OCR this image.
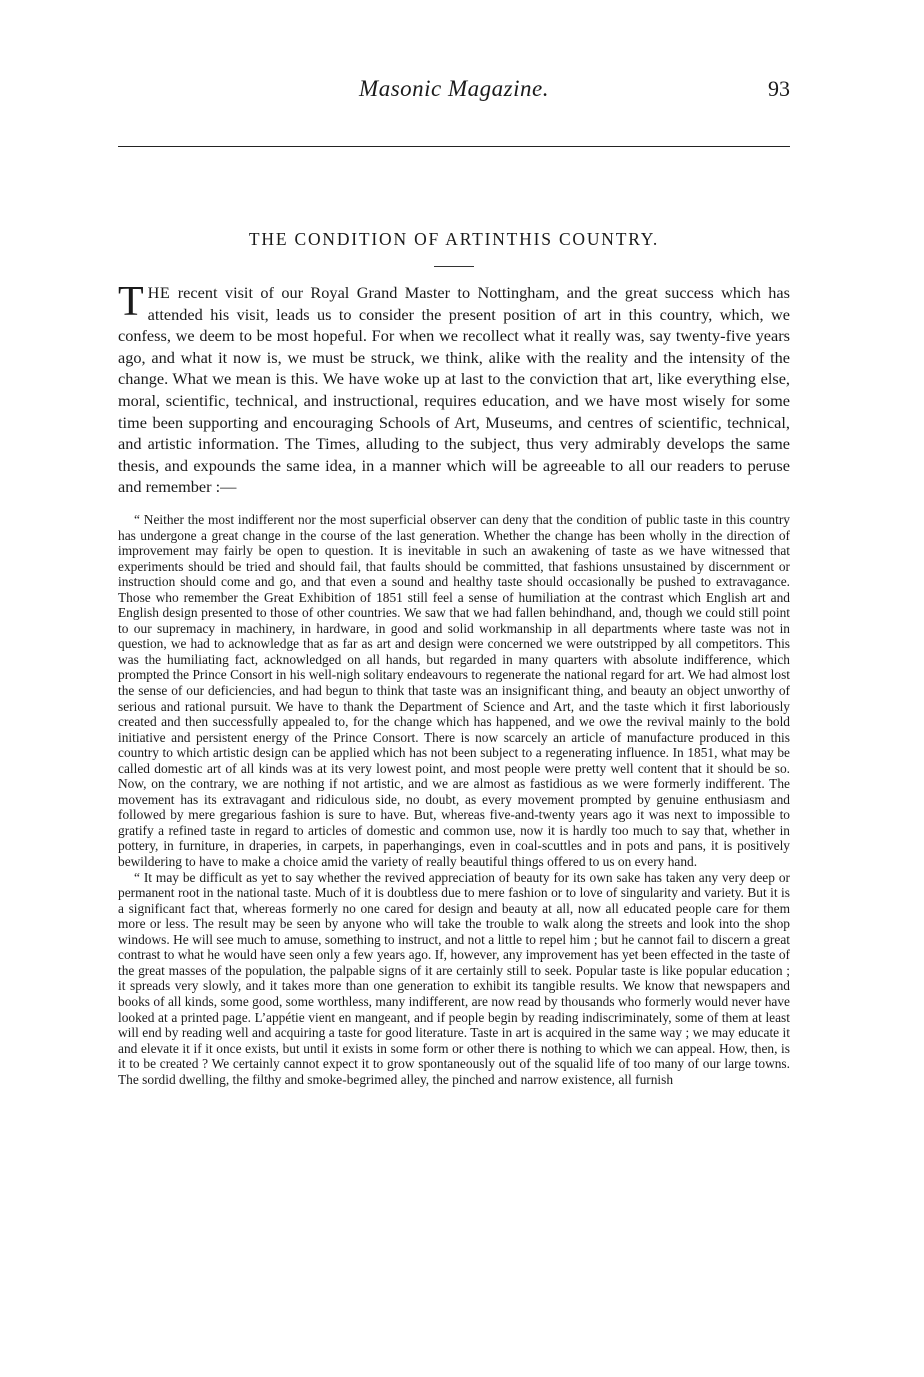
Masonic Magazine.	93
THE CONDITION OF ARTINTHIS COUNTRY.
THE recent visit of our Royal Grand Master to Nottingham, and the great success which has attended his visit, leads us to consider the present position of art in this country, which, we confess, we deem to be most hopeful. For when we recollect what it really was, say twenty-five years ago, and what it now is, we must be struck, we think, alike with the reality and the intensity of the change. What we mean is this. We have woke up at last to the conviction that art, like everything else, moral, scientific, technical, and instructional, requires education, and we have most wisely for some time been supporting and encouraging Schools of Art, Museums, and centres of scientific, technical, and artistic information. The Times, alluding to the subject, thus very admirably develops the same thesis, and expounds the same idea, in a manner which will be agreeable to all our readers to peruse and remember :—

“ Neither the most indifferent nor the most superficial observer can deny that the condition of public taste in this country has undergone a great change in the course of the last generation. Whether the change has been wholly in the direction of improvement may fairly be open to question. It is inevitable in such an awakening of taste as we have witnessed that experiments should be tried and should fail, that faults should be committed, that fashions unsustained by discernment or instruction should come and go, and that even a sound and healthy taste should occasionally be pushed to extravagance. Those who remember the Great Exhibition of 1851 still feel a sense of humiliation at the contrast which English art and English design presented to those of other countries. We saw that we had fallen behindhand, and, though we could still point to our supremacy in machinery, in hardware, in good and solid workmanship in all departments where taste was not in question, we had to acknowledge that as far as art and design were concerned we were outstripped by all competitors. This was the humiliating fact, acknowledged on all hands, but regarded in many quarters with absolute indifference, which prompted the Prince Consort in his well-nigh solitary endeavours to regenerate the national regard for art. We had almost lost the sense of our deficiencies, and had begun to think that taste was an insignificant thing, and beauty an object unworthy of serious and rational pursuit. We have to thank the Department of Science and Art, and the taste which it first laboriously created and then successfully appealed to, for the change which has happened, and we owe the revival mainly to the bold initiative and persistent energy of the Prince Consort. There is now scarcely an article of manufacture produced in this country to which artistic design can be applied which has not been subject to a regenerating influence. In 1851, what may be called domestic art of all kinds was at its very lowest point, and most people were pretty well content that it should be so. Now, on the contrary, we are nothing if not artistic, and we are almost as fastidious as we were formerly indifferent. The movement has its extravagant and ridiculous side, no doubt, as every movement prompted by genuine enthusiasm and followed by mere gregarious fashion is sure to have. But, whereas five-and-twenty years ago it was next to impossible to gratify a refined taste in regard to articles of domestic and common use, now it is hardly too much to say that, whether in pottery, in furniture, in draperies, in carpets, in paperhangings, even in coal-scuttles and in pots and pans, it is positively bewildering to have to make a choice amid the variety of really beautiful things offered to us on every hand.

“ It may be difficult as yet to say whether the revived appreciation of beauty for its own sake has taken any very deep or permanent root in the national taste. Much of it is doubtless due to mere fashion or to love of singularity and variety. But it is a significant fact that, whereas formerly no one cared for design and beauty at all, now all educated people care for them more or less. The result may be seen by anyone who will take the trouble to walk along the streets and look into the shop windows. He will see much to amuse, something to instruct, and not a little to repel him ; but he cannot fail to discern a great contrast to what he would have seen only a few years ago. If, however, any improvement has yet been effected in the taste of the great masses of the population, the palpable signs of it are certainly still to seek. Popular taste is like popular education ; it spreads very slowly, and it takes more than one generation to exhibit its tangible results. We know that newspapers and books of all kinds, some good, some worthless, many indifferent, are now read by thousands who formerly would never have looked at a printed page. L’appétie vient en mangeant, and if people begin by reading indiscriminately, some of them at least will end by reading well and acquiring a taste for good literature. Taste in art is acquired in the same way ; we may educate it and elevate it if it once exists, but until it exists in some form or other there is nothing to which we can appeal. How, then, is it to be created ? We certainly cannot expect it to grow spontaneously out of the squalid life of too many of our large towns. The sordid dwelling, the filthy and smoke-begrimed alley, the pinched and narrow existence, all furnish
